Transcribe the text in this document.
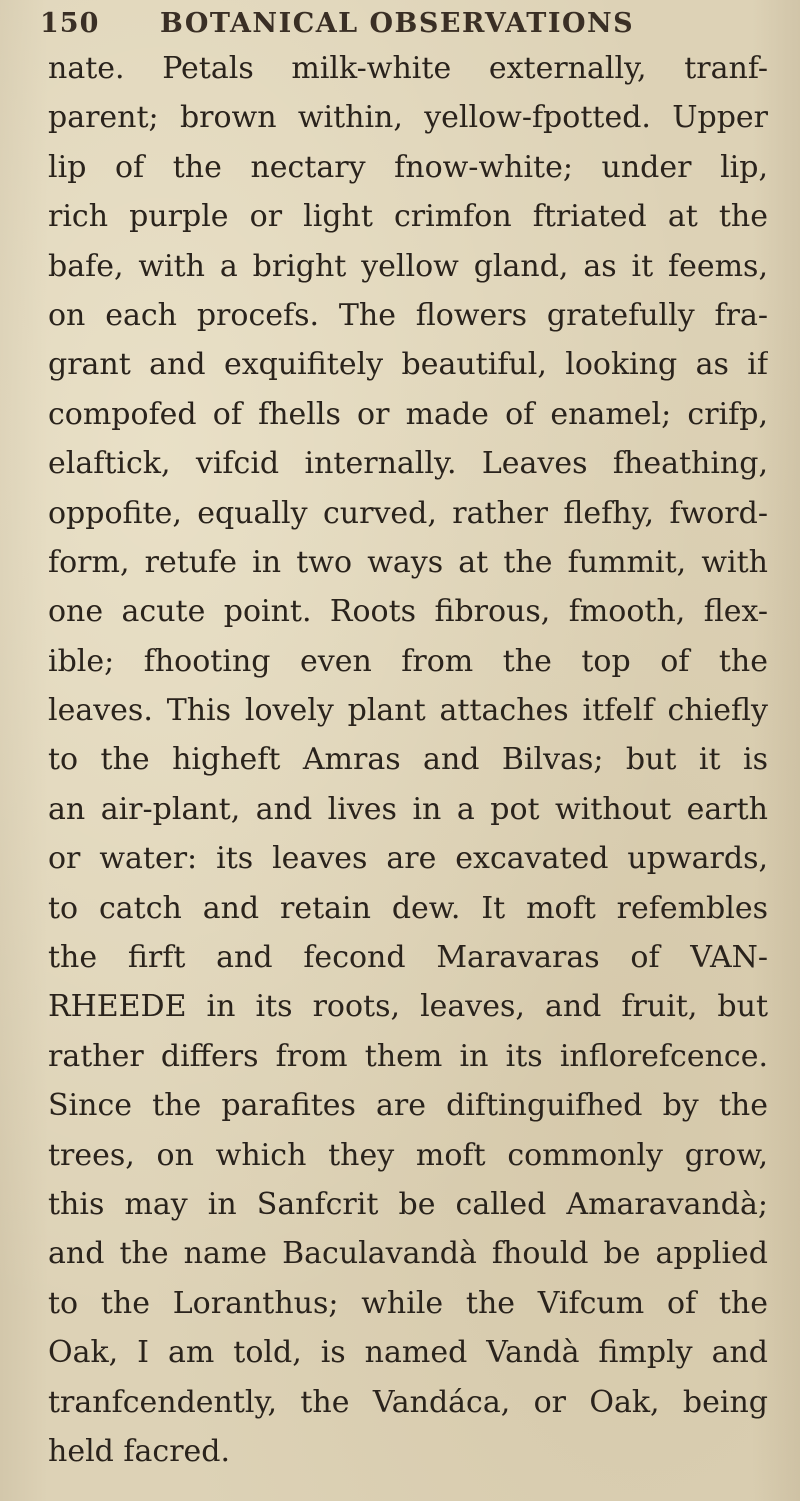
150 BOTANICAL OBSERVATIONS
nate. Petals milk-white externally, tranf-
parent; brown within, yellow-fpotted. Upper
lip of the nectary fnow-white; under lip,
rich purple or light crimfon ftriated at the
bafe, with a bright yellow gland, as it feems,
on each procefs. The flowers gratefully fra-
grant and exquifitely beautiful, looking as if
compofed of fhells or made of enamel; crifp,
elaftick, vifcid internally. Leaves fheathing,
oppofite, equally curved, rather flefhy, fword-
form, retufe in two ways at the fummit, with
one acute point. Roots fibrous, fmooth, flex-
ible; fhooting even from the top of the
leaves. This lovely plant attaches itfelf chiefly
to the higheft Amras and Bilvas; but it is
an air-plant, and lives in a pot without earth
or water: its leaves are excavated upwards,
to catch and retain dew. It moft refembles
the firft and fecond Maravaras of VAN-
RHEEDE in its roots, leaves, and fruit, but
rather differs from them in its inflorefcence.
Since the parafites are diftinguifhed by the
trees, on which they moft commonly grow,
this may in Sanfcrit be called Amaravandà;
and the name Baculavandà fhould be applied
to the Loranthus; while the Vifcum of the
Oak, I am told, is named Vandà fimply and
tranfcendently, the Vandáca, or Oak, being
held facred.
